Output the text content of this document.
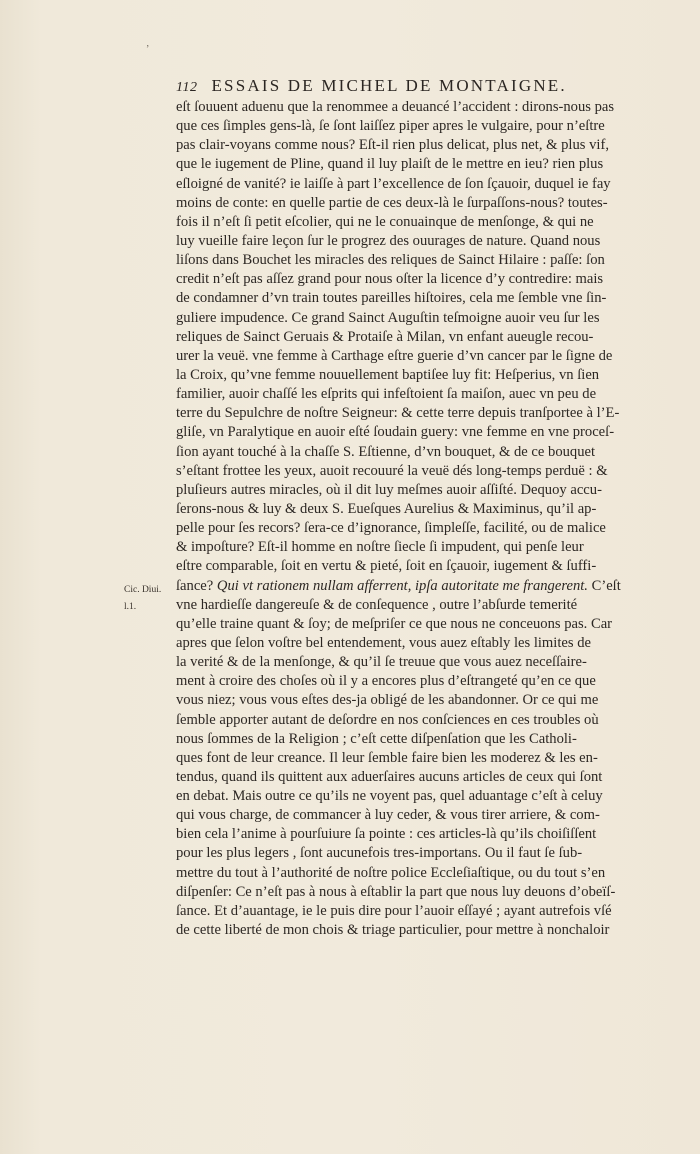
’
112 ESSAIS DE MICHEL DE MONTAIGNE.
Cic. Diui.
l.1.
eſt ſouuent aduenu que la renommee a deuancé l’accident : dirons-nous pas
que ces ſimples gens-là, ſe ſont laiſſez piper apres le vulgaire, pour n’eſtre
pas clair-voyans comme nous? Eſt-il rien plus delicat, plus net, & plus vif,
que le iugement de Pline, quand il luy plaiſt de le mettre en ieu? rien plus
eſloigné de vanité? ie laiſſe à part l’excellence de ſon ſçauoir, duquel ie fay
moins de conte: en quelle partie de ces deux-là le ſurpaſſons-nous? toutes-
fois il n’eſt ſi petit eſcolier, qui ne le conuainque de menſonge, & qui ne
luy vueille faire leçon ſur le progrez des ouurages de nature. Quand nous
liſons dans Bouchet les miracles des reliques de Sainct Hilaire : paſſe: ſon
credit n’eſt pas aſſez grand pour nous oſter la licence d’y contredire: mais
de condamner d’vn train toutes pareilles hiſtoires, cela me ſemble vne ſin-
guliere impudence. Ce grand Sainct Auguſtin teſmoigne auoir veu ſur les
reliques de Sainct Geruais & Protaiſe à Milan, vn enfant aueugle recou-
urer la veuë. vne femme à Carthage eſtre guerie d’vn cancer par le ſigne de
la Croix, qu’vne femme nouuellement baptiſee luy fit: Heſperius, vn ſien
familier, auoir chaſſé les eſprits qui infeſtoient ſa maiſon, auec vn peu de
terre du Sepulchre de noſtre Seigneur: & cette terre depuis tranſportee à l’E-
gliſe, vn Paralytique en auoir eſté ſoudain guery: vne femme en vne proceſ-
ſion ayant touché à la chaſſe S. Eſtienne, d’vn bouquet, & de ce bouquet
s’eſtant frottee les yeux, auoit recouuré la veuë dés long-temps perduë : &
pluſieurs autres miracles, où il dit luy meſmes auoir aſſiſté. Dequoy accu-
ſerons-nous & luy & deux S. Eueſques Aurelius & Maximinus, qu’il ap-
pelle pour ſes recors? ſera-ce d’ignorance, ſimpleſſe, facilité, ou de malice
& impoſture? Eſt-il homme en noſtre ſiecle ſi impudent, qui penſe leur
eſtre comparable, ſoit en vertu & pieté, ſoit en ſçauoir, iugement & ſuffi-
ſance? Qui vt rationem nullam afferrent, ipſa autoritate me frangerent. C’eſt
vne hardieſſe dangereuſe & de conſequence , outre l’abſurde temerité
qu’elle traine quant & ſoy; de meſpriſer ce que nous ne conceuons pas. Car
apres que ſelon voſtre bel entendement, vous auez eſtably les limites de
la verité & de la menſonge, & qu’il ſe treuue que vous auez neceſſaire-
ment à croire des choſes où il y a encores plus d’eſtrangeté qu’en ce que
vous niez; vous vous eſtes des-ja obligé de les abandonner. Or ce qui me
ſemble apporter autant de deſordre en nos conſciences en ces troubles où
nous ſommes de la Religion ; c’eſt cette diſpenſation que les Catholi-
ques font de leur creance. Il leur ſemble faire bien les moderez & les en-
tendus, quand ils quittent aux aduerſaires aucuns articles de ceux qui ſont
en debat. Mais outre ce qu’ils ne voyent pas, quel aduantage c’eſt à celuy
qui vous charge, de commancer à luy ceder, & vous tirer arriere, & com-
bien cela l’anime à pourſuiure ſa pointe : ces articles-là qu’ils choiſiſſent
pour les plus legers , ſont aucunefois tres-importans. Ou il faut ſe ſub-
mettre du tout à l’authorité de noſtre police Eccleſiaſtique, ou du tout s’en
diſpenſer: Ce n’eſt pas à nous à eſtablir la part que nous luy deuons d’obeïſ-
ſance. Et d’auantage, ie le puis dire pour l’auoir eſſayé ; ayant autrefois vſé
de cette liberté de mon chois & triage particulier, pour mettre à nonchaloir
